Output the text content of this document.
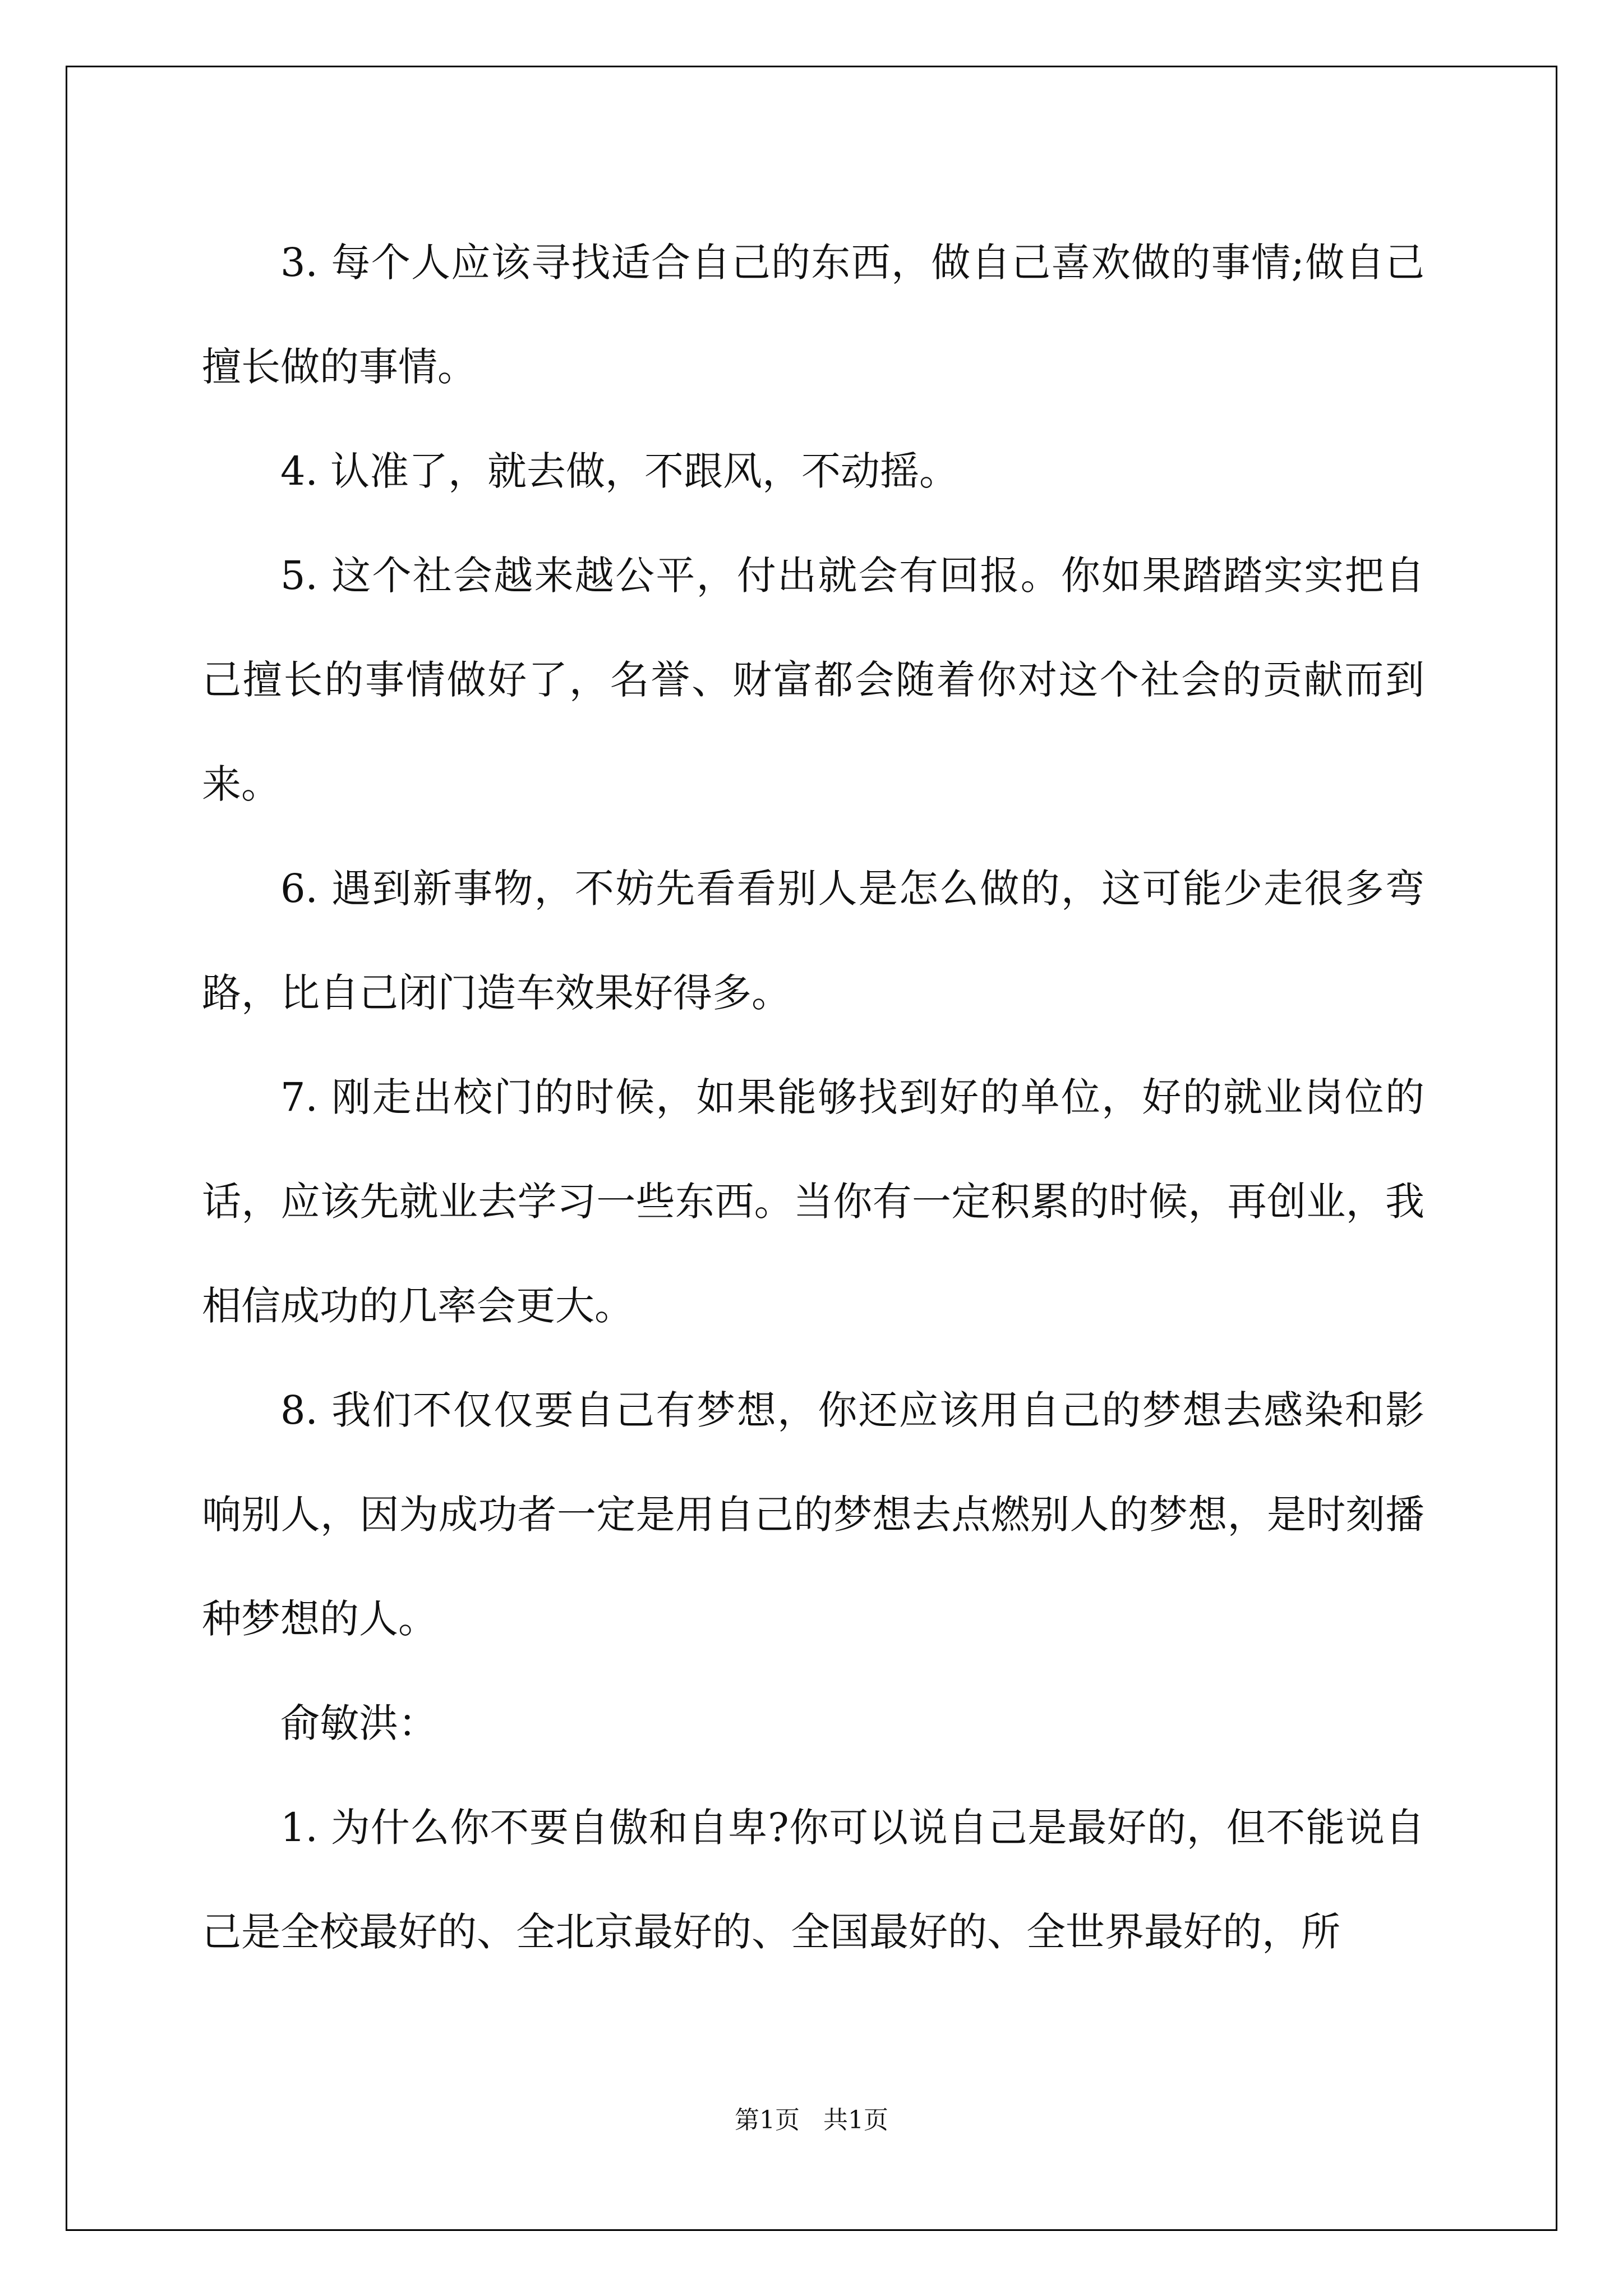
3. 每个人应该寻找适合自己的东西，做自己喜欢做的事情;做自己擅长做的事情。

4. 认准了，就去做，不跟风，不动摇。

5. 这个社会越来越公平，付出就会有回报。你如果踏踏实实把自己擅长的事情做好了，名誉、财富都会随着你对这个社会的贡献而到来。

6. 遇到新事物，不妨先看看别人是怎么做的，这可能少走很多弯路，比自己闭门造车效果好得多。

7. 刚走出校门的时候，如果能够找到好的单位，好的就业岗位的话，应该先就业去学习一些东西。当你有一定积累的时候，再创业，我相信成功的几率会更大。

8. 我们不仅仅要自己有梦想，你还应该用自己的梦想去感染和影响别人，因为成功者一定是用自己的梦想去点燃别人的梦想，是时刻播种梦想的人。

俞敏洪：

1. 为什么你不要自傲和自卑?你可以说自己是最好的，但不能说自己是全校最好的、全北京最好的、全国最好的、全世界最好的，所

第1页   共1页
